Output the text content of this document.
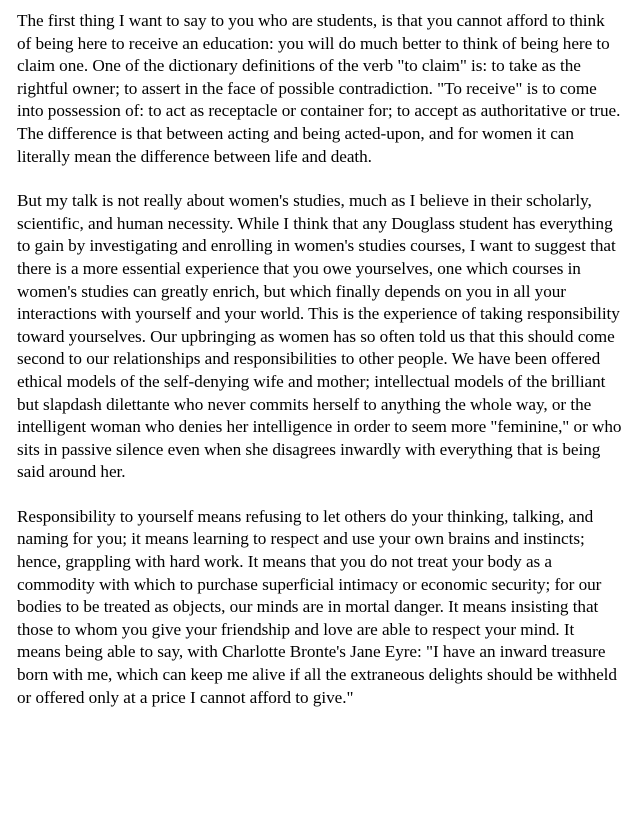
The first thing I want to say to you who are students, is that you cannot afford to think of being here to receive an education: you will do much better to think of being here to claim one. One of the dictionary definitions of the verb "to claim" is: to take as the rightful owner; to assert in the face of possible contradiction. "To receive" is to come into possession of: to act as receptacle or container for; to accept as authoritative or true. The difference is that between acting and being acted-upon, and for women it can literally mean the difference between life and death.

But my talk is not really about women's studies, much as I believe in their scholarly, scientific, and human necessity. While I think that any Douglass student has everything to gain by investigating and enrolling in women's studies courses, I want to suggest that there is a more essential experience that you owe yourselves, one which courses in women's studies can greatly enrich, but which finally depends on you in all your interactions with yourself and your world. This is the experience of taking responsibility toward yourselves. Our upbringing as women has so often told us that this should come second to our relationships and responsibilities to other people. We have been offered ethical models of the self-denying wife and mother; intellectual models of the brilliant but slapdash dilettante who never commits herself to anything the whole way, or the intelligent woman who denies her intelligence in order to seem more "feminine," or who sits in passive silence even when she disagrees inwardly with everything that is being said around her.

Responsibility to yourself means refusing to let others do your thinking, talking, and naming for you; it means learning to respect and use your own brains and instincts; hence, grappling with hard work. It means that you do not treat your body as a commodity with which to purchase superficial intimacy or economic security; for our bodies to be treated as objects, our minds are in mortal danger. It means insisting that those to whom you give your friendship and love are able to respect your mind. It means being able to say, with Charlotte Bronte's Jane Eyre: "I have an inward treasure born with me, which can keep me alive if all the extraneous delights should be withheld or offered only at a price I cannot afford to give."
